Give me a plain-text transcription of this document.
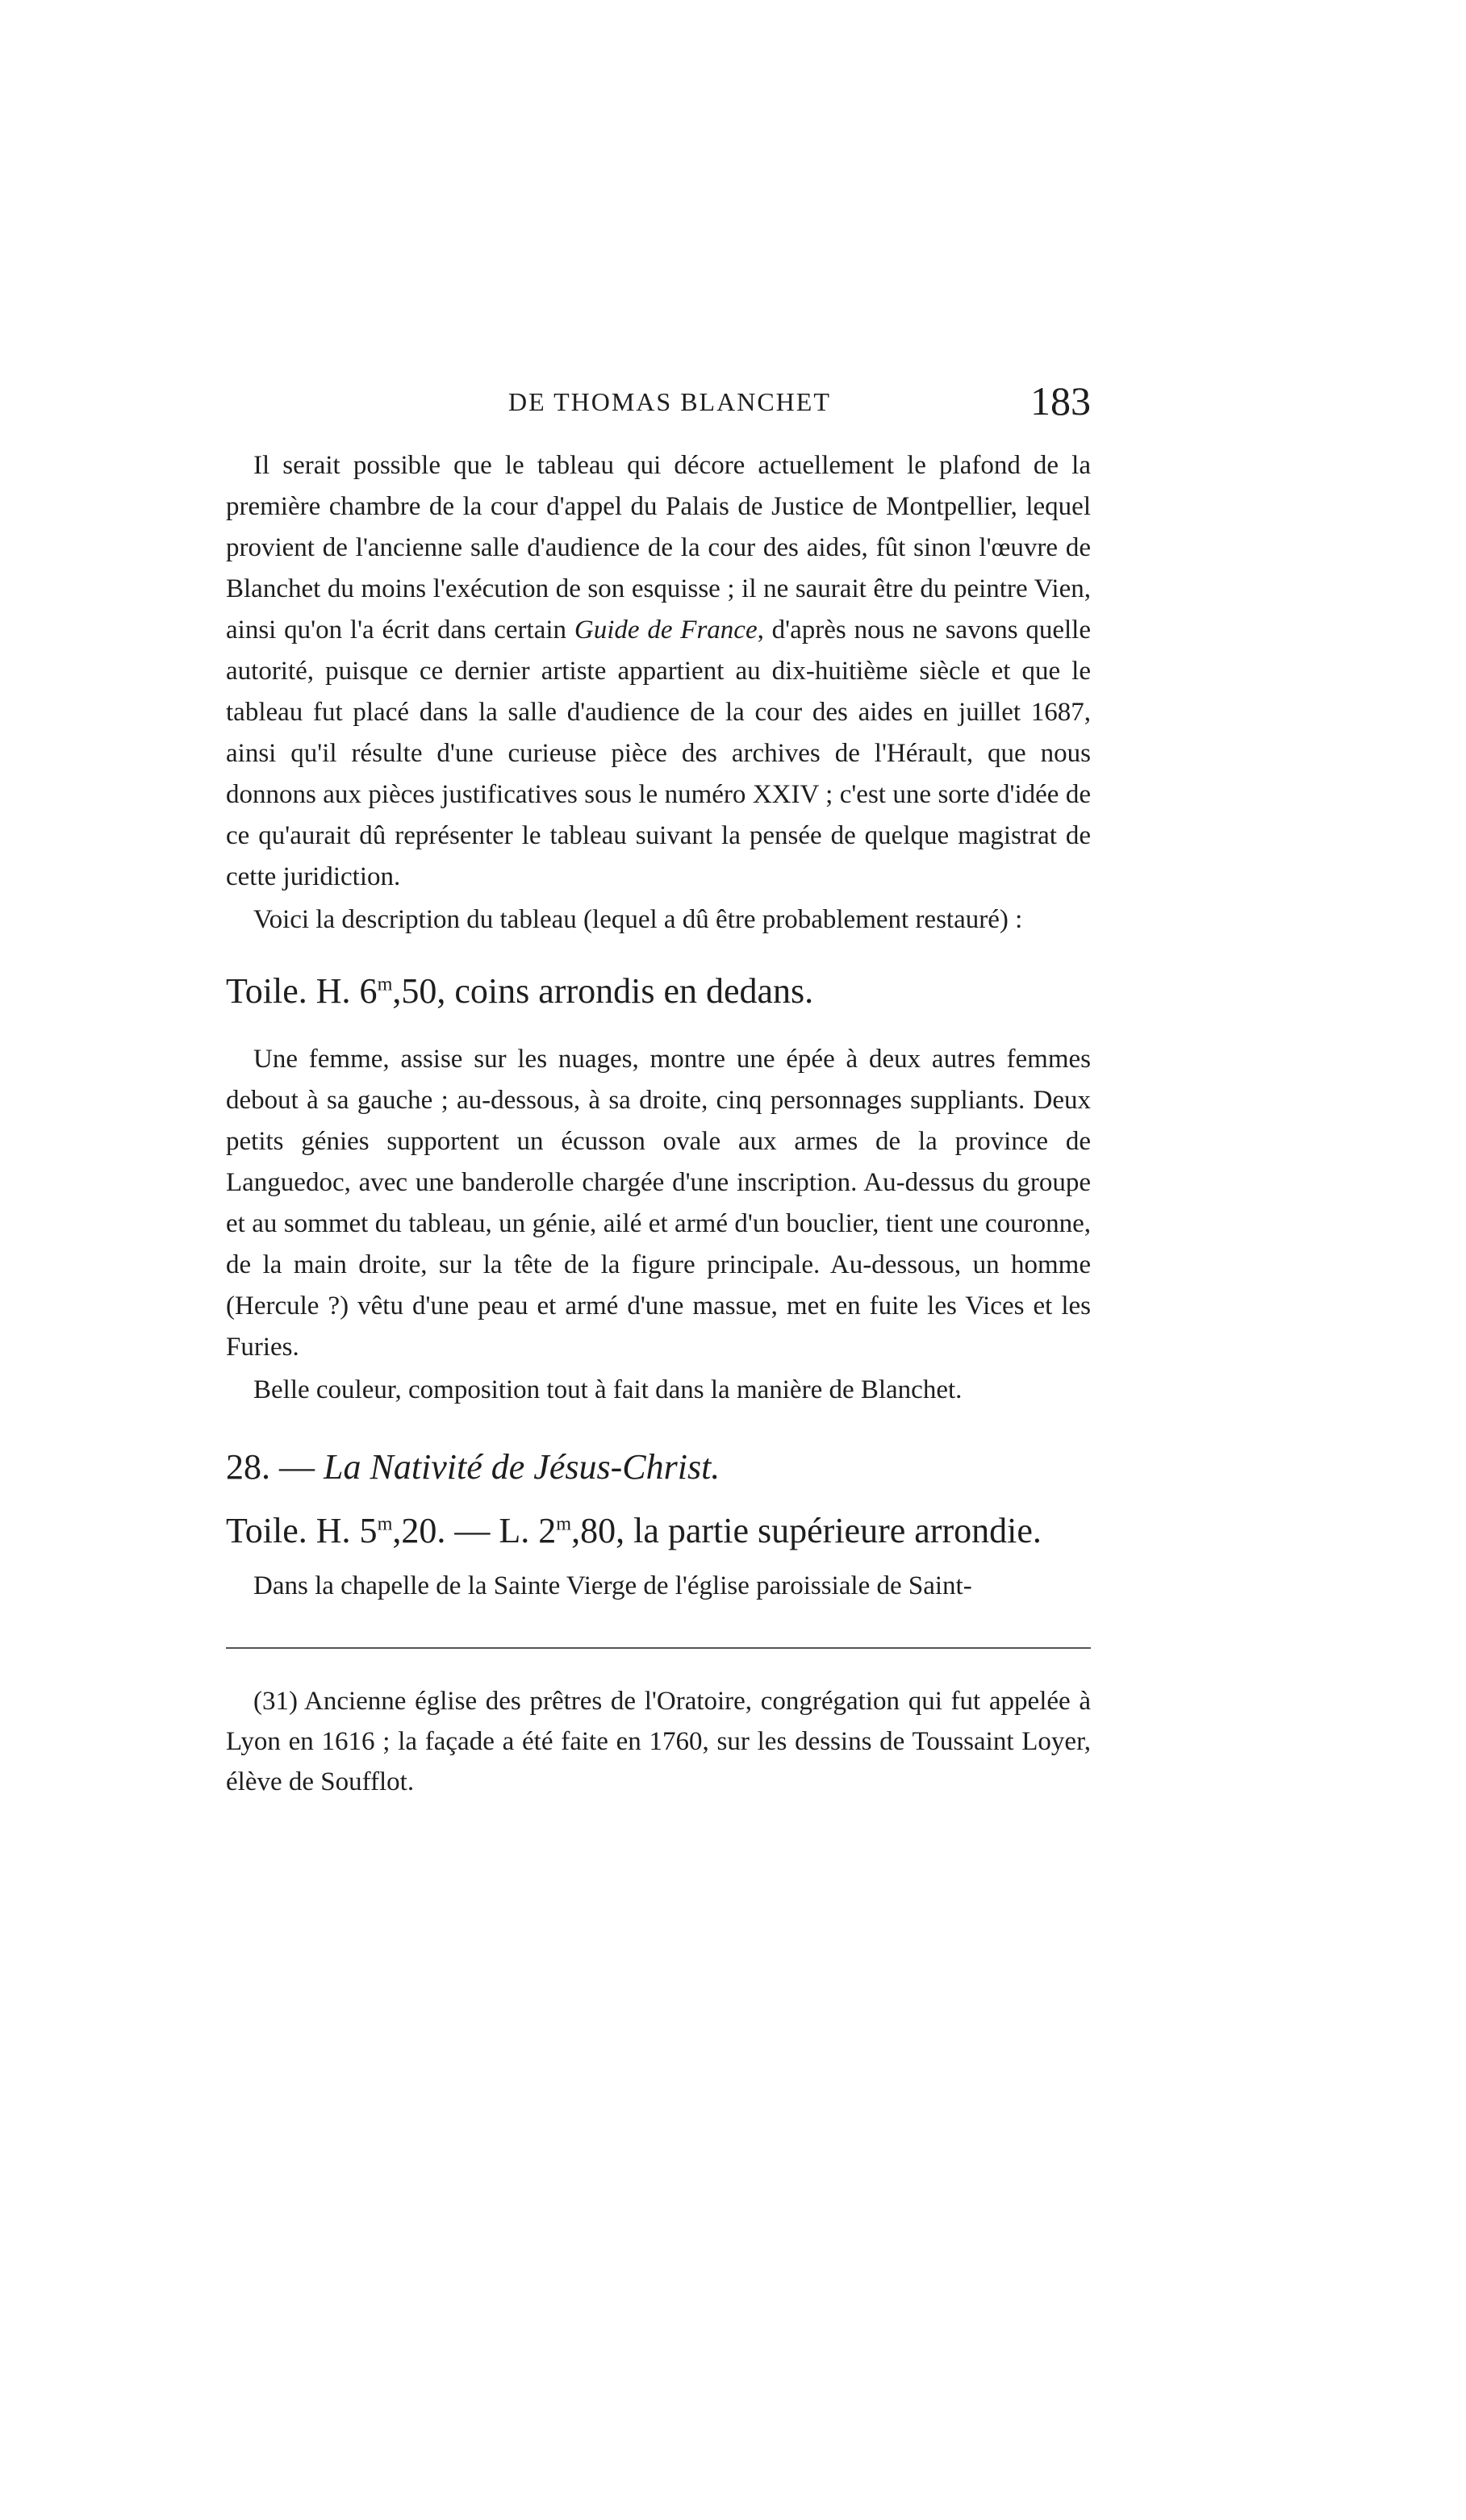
DE THOMAS BLANCHET	183

Il serait possible que le tableau qui décore actuellement le plafond de la première chambre de la cour d'appel du Palais de Justice de Montpellier, lequel provient de l'ancienne salle d'audience de la cour des aides, fût sinon l'œuvre de Blanchet du moins l'exécution de son esquisse ; il ne saurait être du peintre Vien, ainsi qu'on l'a écrit dans certain Guide de France, d'après nous ne savons quelle autorité, puisque ce dernier artiste appartient au dix-huitième siècle et que le tableau fut placé dans la salle d'audience de la cour des aides en juillet 1687, ainsi qu'il résulte d'une curieuse pièce des archives de l'Hérault, que nous donnons aux pièces justificatives sous le numéro XXIV ; c'est une sorte d'idée de ce qu'aurait dû représenter le tableau suivant la pensée de quelque magistrat de cette juridiction.

Voici la description du tableau (lequel a dû être probablement restauré) :

Toile. H. 6$^m$,50, coins arrondis en dedans.

Une femme, assise sur les nuages, montre une épée à deux autres femmes debout à sa gauche ; au-dessous, à sa droite, cinq personnages suppliants. Deux petits génies supportent un écusson ovale aux armes de la province de Languedoc, avec une banderolle chargée d'une inscription. Au-dessus du groupe et au sommet du tableau, un génie, ailé et armé d'un bouclier, tient une couronne, de la main droite, sur la tête de la figure principale. Au-dessous, un homme (Hercule ?) vêtu d'une peau et armé d'une massue, met en fuite les Vices et les Furies.

Belle couleur, composition tout à fait dans la manière de Blanchet.

28. — La Nativité de Jésus-Christ.
Toile. H. 5$^m$,20. — L. 2$^m$,80, la partie supérieure arrondie.

Dans la chapelle de la Sainte Vierge de l'église paroissiale de Saint-

(31) Ancienne église des prêtres de l'Oratoire, congrégation qui fut appelée à Lyon en 1616 ; la façade a été faite en 1760, sur les dessins de Toussaint Loyer, élève de Soufflot.
